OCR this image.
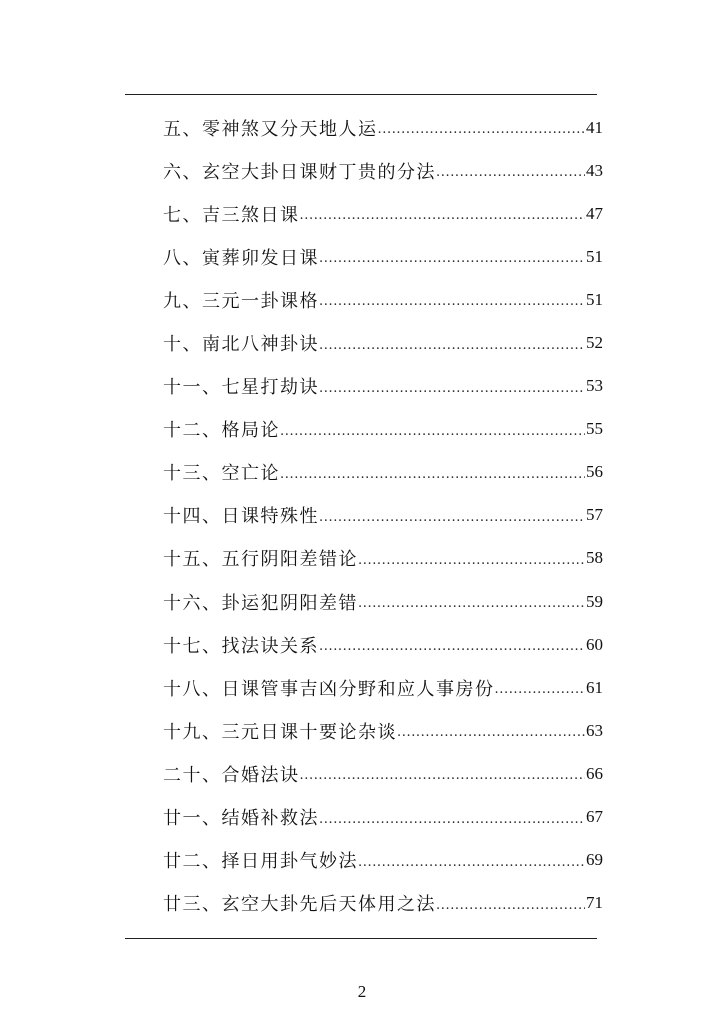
五、零神煞又分天地人运 .....	41
六、玄空大卦日课财丁贵的分法 .....	43
七、吉三煞日课 .....	47
八、寅葬卯发日课 .....	51
九、三元一卦课格 .....	51
十、南北八神卦诀 .....	52
十一、七星打劫诀 .....	53
十二、格局论 .....	55
十三、空亡论 .....	56
十四、日课特殊性 .....	57
十五、五行阴阳差错论 .....	58
十六、卦运犯阴阳差错 .....	59
十七、找法诀关系 .....	60
十八、日课管事吉凶分野和应人事房份 .....	61
十九、三元日课十要论杂谈 .....	63
二十、合婚法诀 .....	66
廿一、结婚补救法 .....	67
廿二、择日用卦气妙法 .....	69
廿三、玄空大卦先后天体用之法 .....	71
2
